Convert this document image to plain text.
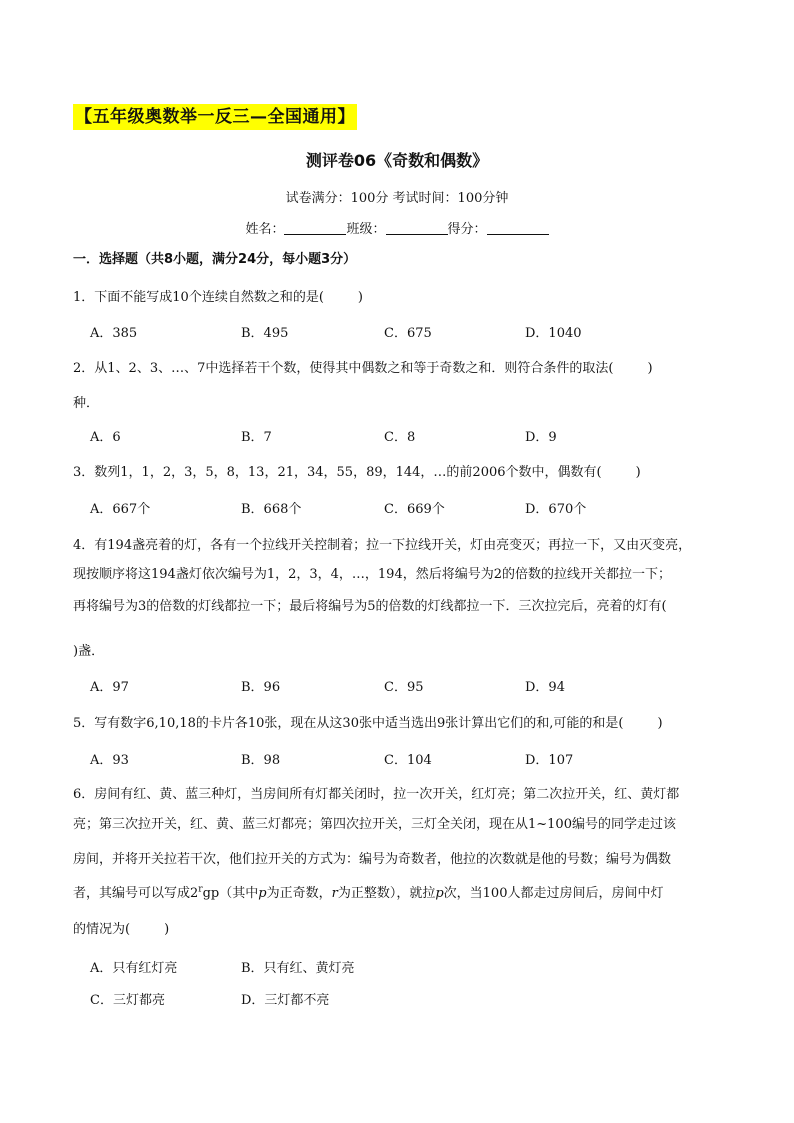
【五年级奥数举一反三—全国通用】
测评卷06《奇数和偶数》
试卷满分：100分 考试时间：100分钟
姓名：	班级：	得分：
一．选择题（共8小题，满分24分，每小题3分）
1．下面不能写成10个连续自然数之和的是(	)
A．385	B．495	C．675	D．1040
2．从1、2、3、…、7中选择若干个数，使得其中偶数之和等于奇数之和．则符合条件的取法(	)
种．
A．6	B．7	C．8	D．9
3．数列1，1，2，3，5，8，13，21，34，55，89，144，…的前2006个数中，偶数有(	)
A．667个	B．668个	C．669个	D．670个
4．有194盏亮着的灯，各有一个拉线开关控制着；拉一下拉线开关，灯由亮变灭；再拉一下，又由灭变亮，
现按顺序将这194盏灯依次编号为1，2，3，4，…，194，然后将编号为2的倍数的拉线开关都拉一下；
再将编号为3的倍数的灯线都拉一下；最后将编号为5的倍数的灯线都拉一下．三次拉完后，亮着的灯有(
)盏．
A．97	B．96	C．95	D．94
5．写有数字6,10,18的卡片各10张，现在从这30张中适当选出9张计算出它们的和,可能的和是(	)
A．93	B．98	C．104	D．107
6．房间有红、黄、蓝三种灯，当房间所有灯都关闭时，拉一次开关，红灯亮；第二次拉开关，红、黄灯都
亮；第三次拉开关，红、黄、蓝三灯都亮；第四次拉开关，三灯全关闭，现在从1~100编号的同学走过该
房间，并将开关拉若干次，他们拉开关的方式为：编号为奇数者，他拉的次数就是他的号数；编号为偶数
者，其编号可以写成2$^r$gp（其中p为正奇数，r为正整数），就拉p次，当100人都走过房间后，房间中灯
的情况为(	)
A．只有红灯亮	B．只有红、黄灯亮
C．三灯都亮	D．三灯都不亮
